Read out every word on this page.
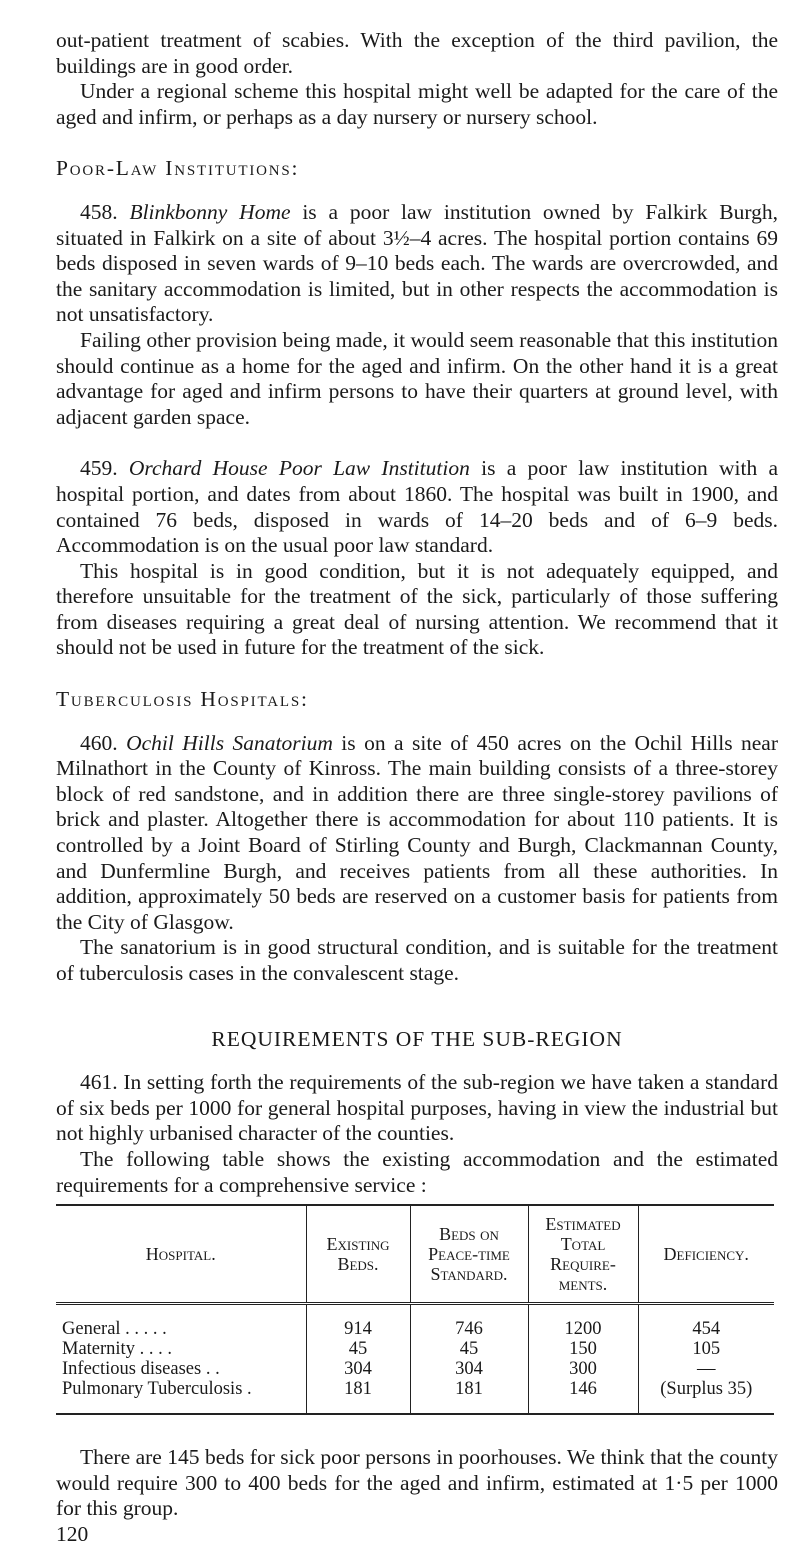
out-patient treatment of scabies. With the exception of the third pavilion, the buildings are in good order.

Under a regional scheme this hospital might well be adapted for the care of the aged and infirm, or perhaps as a day nursery or nursery school.

Poor-Law Institutions:

458. Blinkbonny Home is a poor law institution owned by Falkirk Burgh, situated in Falkirk on a site of about 3½–4 acres. The hospital portion contains 69 beds disposed in seven wards of 9–10 beds each. The wards are overcrowded, and the sanitary accommodation is limited, but in other respects the accommodation is not unsatisfactory.

Failing other provision being made, it would seem reasonable that this institution should continue as a home for the aged and infirm. On the other hand it is a great advantage for aged and infirm persons to have their quarters at ground level, with adjacent garden space.

459. Orchard House Poor Law Institution is a poor law institution with a hospital portion, and dates from about 1860. The hospital was built in 1900, and contained 76 beds, disposed in wards of 14–20 beds and of 6–9 beds. Accommodation is on the usual poor law standard.

This hospital is in good condition, but it is not adequately equipped, and therefore unsuitable for the treatment of the sick, particularly of those suffering from diseases requiring a great deal of nursing attention. We recommend that it should not be used in future for the treatment of the sick.

Tuberculosis Hospitals:

460. Ochil Hills Sanatorium is on a site of 450 acres on the Ochil Hills near Milnathort in the County of Kinross. The main building consists of a three-storey block of red sandstone, and in addition there are three single-storey pavilions of brick and plaster. Altogether there is accommodation for about 110 patients. It is controlled by a Joint Board of Stirling County and Burgh, Clackmannan County, and Dunfermline Burgh, and receives patients from all these authorities. In addition, approximately 50 beds are reserved on a customer basis for patients from the City of Glasgow.

The sanatorium is in good structural condition, and is suitable for the treatment of tuberculosis cases in the convalescent stage.

REQUIREMENTS OF THE SUB-REGION

461. In setting forth the requirements of the sub-region we have taken a standard of six beds per 1000 for general hospital purposes, having in view the industrial but not highly urbanised character of the counties.

The following table shows the existing accommodation and the estimated requirements for a comprehensive service :

Hospital.	Existing Beds.	Beds on Peace-time Standard.	Estimated Total Require-ments.	Deficiency.
General . . . . .	914	746	1200	454
Maternity . . . .	45	45	150	105
Infectious diseases . .	304	304	300	—
Pulmonary Tuberculosis .	181	181	146	(Surplus 35)

There are 145 beds for sick poor persons in poorhouses. We think that the county would require 300 to 400 beds for the aged and infirm, estimated at 1·5 per 1000 for this group.

120
